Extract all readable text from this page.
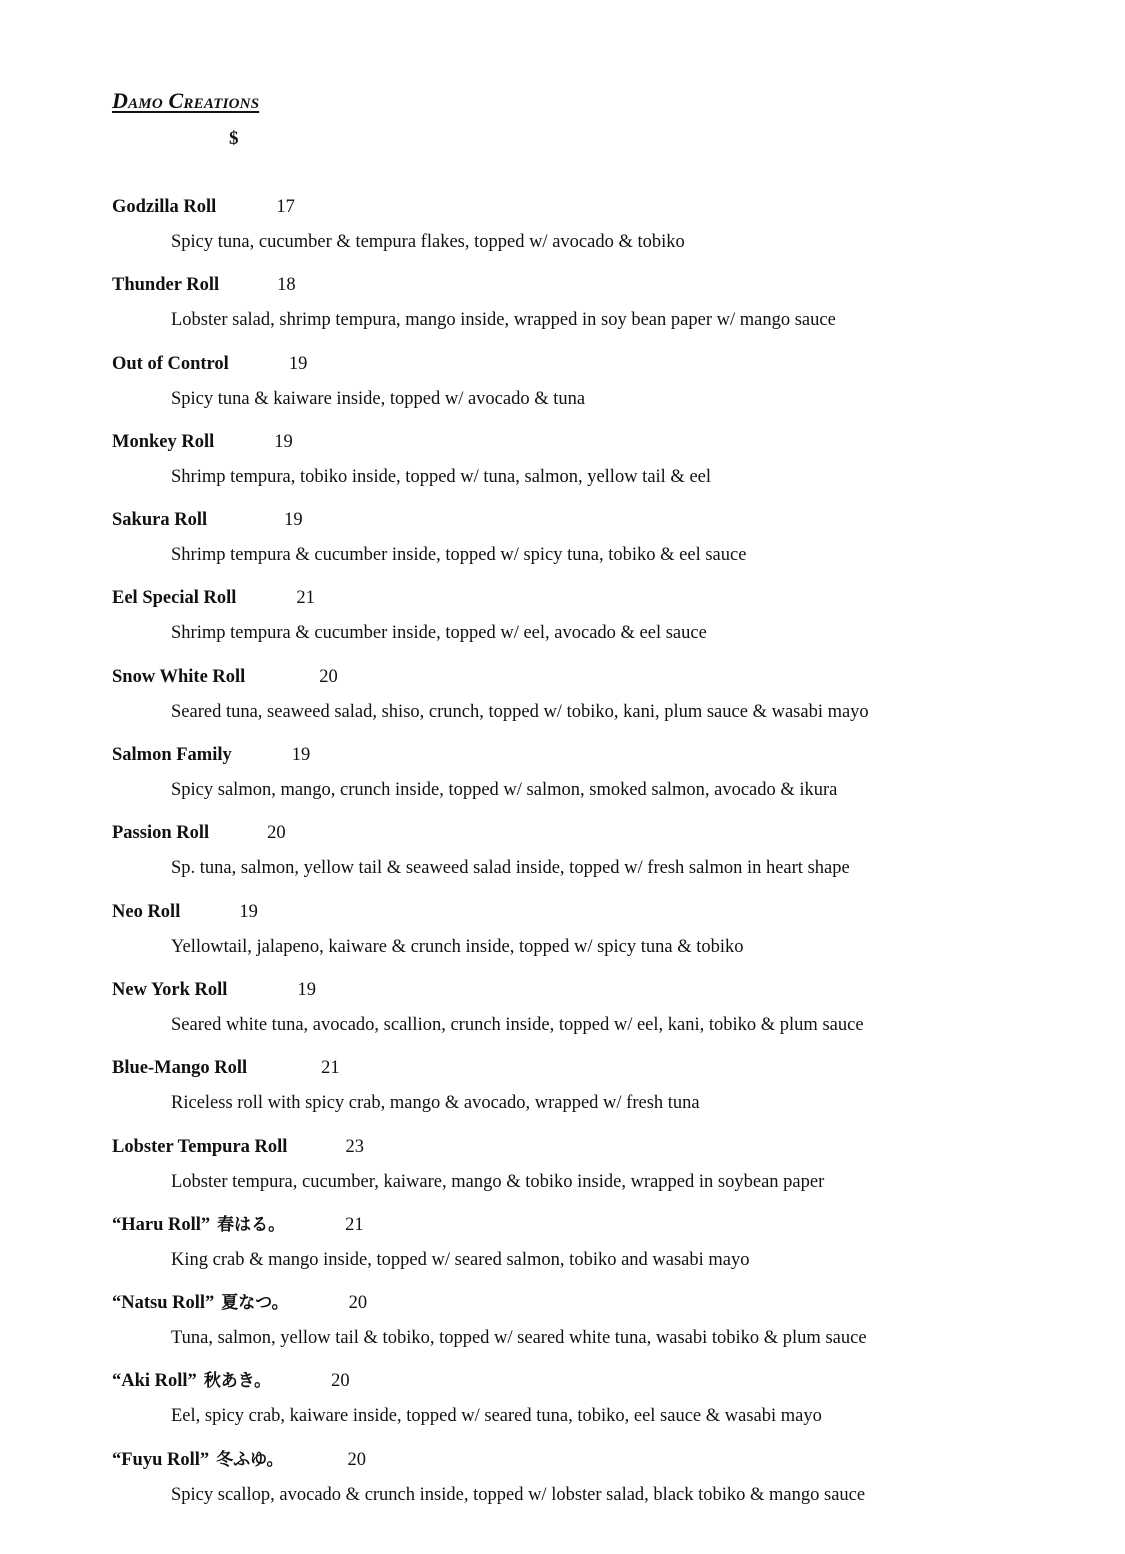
Damo Creations
$
Godzilla Roll	17
Spicy tuna, cucumber & tempura flakes, topped w/ avocado & tobiko
Thunder Roll	18
Lobster salad, shrimp tempura, mango inside, wrapped in soy bean paper w/ mango sauce
Out of Control	19
Spicy tuna & kaiware inside, topped w/ avocado & tuna
Monkey Roll	19
Shrimp tempura, tobiko inside, topped w/ tuna, salmon, yellow tail & eel
Sakura Roll	19
Shrimp tempura & cucumber inside, topped w/ spicy tuna, tobiko & eel sauce
Eel Special Roll	21
Shrimp tempura & cucumber inside, topped w/ eel, avocado & eel sauce
Snow White Roll	20
Seared tuna, seaweed salad, shiso, crunch, topped w/ tobiko, kani, plum sauce & wasabi mayo
Salmon Family	19
Spicy salmon, mango, crunch inside, topped w/ salmon, smoked salmon, avocado & ikura
Passion Roll	20
Sp. tuna, salmon, yellow tail & seaweed salad inside, topped w/ fresh salmon in heart shape
Neo Roll	19
Yellowtail, jalapeno, kaiware & crunch inside, topped w/ spicy tuna & tobiko
New York Roll	19
Seared white tuna, avocado, scallion, crunch inside, topped w/ eel, kani, tobiko & plum sauce
Blue-Mango Roll	21
Riceless roll with spicy crab, mango & avocado, wrapped w/ fresh tuna
Lobster Tempura Roll	23
Lobster tempura, cucumber, kaiware, mango & tobiko inside, wrapped in soybean paper
“Haru Roll” 春はる。	21
King crab & mango inside, topped w/ seared salmon, tobiko and wasabi mayo
“Natsu Roll” 夏なつ。	20
Tuna, salmon, yellow tail & tobiko, topped w/ seared white tuna, wasabi tobiko & plum sauce
“Aki Roll” 秋あき。	20
Eel, spicy crab, kaiware inside, topped w/ seared tuna, tobiko, eel sauce & wasabi mayo
“Fuyu Roll” 冬ふゆ。	20
Spicy scallop, avocado & crunch inside, topped w/ lobster salad, black tobiko & mango sauce
